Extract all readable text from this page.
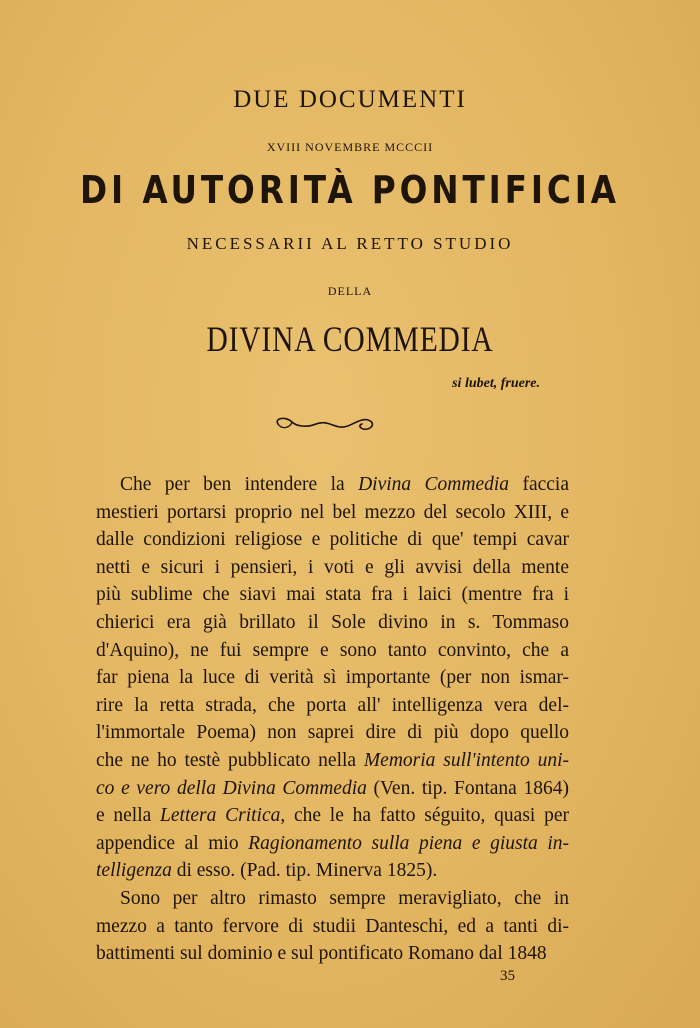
DUE DOCUMENTI
XVIII NOVEMBRE MCCCII
DI AUTORITÀ PONTIFICIA
NECESSARII AL RETTO STUDIO
DELLA
DIVINA COMMEDIA
si lubet, fruere.
Che per ben intendere la Divina Commedia faccia
mestieri portarsi proprio nel bel mezzo del secolo XIII, e
dalle condizioni religiose e politiche di que' tempi cavar
netti e sicuri i pensieri, i voti e gli avvisi della mente
più sublime che siavi mai stata fra i laici (mentre fra i
chierici era già brillato il Sole divino in s. Tommaso
d'Aquino), ne fui sempre e sono tanto convinto, che a
far piena la luce di verità sì importante (per non ismar-
rire la retta strada, che porta all' intelligenza vera del-
l'immortale Poema) non saprei dire di più dopo quello
che ne ho testè pubblicato nella Memoria sull'intento uni-
co e vero della Divina Commedia (Ven. tip. Fontana 1864)
e nella Lettera Critica, che le ha fatto séguito, quasi per
appendice al mio Ragionamento sulla piena e giusta in-
telligenza di esso. (Pad. tip. Minerva 1825).
Sono per altro rimasto sempre meravigliato, che in
mezzo a tanto fervore di studii Danteschi, ed a tanti di-
battimenti sul dominio e sul pontificato Romano dal 1848
35
